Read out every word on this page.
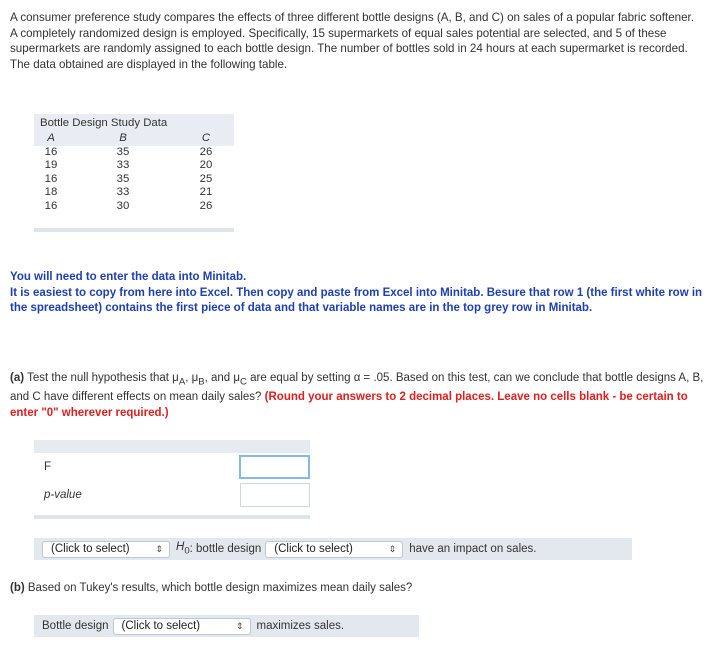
A consumer preference study compares the effects of three different bottle designs (A, B, and C) on sales of a popular fabric softener. A completely randomized design is employed. Specifically, 15 supermarkets of equal sales potential are selected, and 5 of these supermarkets are randomly assigned to each bottle design. The number of bottles sold in 24 hours at each supermarket is recorded. The data obtained are displayed in the following table.
Bottle Design Study Data
A	B	C
16	35	26
19	33	20
16	35	25
18	33	21
16	30	26
You will need to enter the data into Minitab.
It is easiest to copy from here into Excel. Then copy and paste from Excel into Minitab. Besure that row 1 (the first white row in the spreadsheet) contains the first piece of data and that variable names are in the top grey row in Minitab.
(a) Test the null hypothesis that $\mu_A$, $\mu_B$, and $\mu_C$ are equal by setting α = .05. Based on this test, can we conclude that bottle designs A, B, and C have different effects on mean daily sales? (Round your answers to 2 decimal places. Leave no cells blank - be certain to enter "0" wherever required.)
F
p-value
(Click to select)	⇕ $H_0$ : bottle design (Click to select)	⇕ have an impact on sales.
(b) Based on Tukey's results, which bottle design maximizes mean daily sales?
Bottle design (Click to select)	⇕ maximizes sales.
